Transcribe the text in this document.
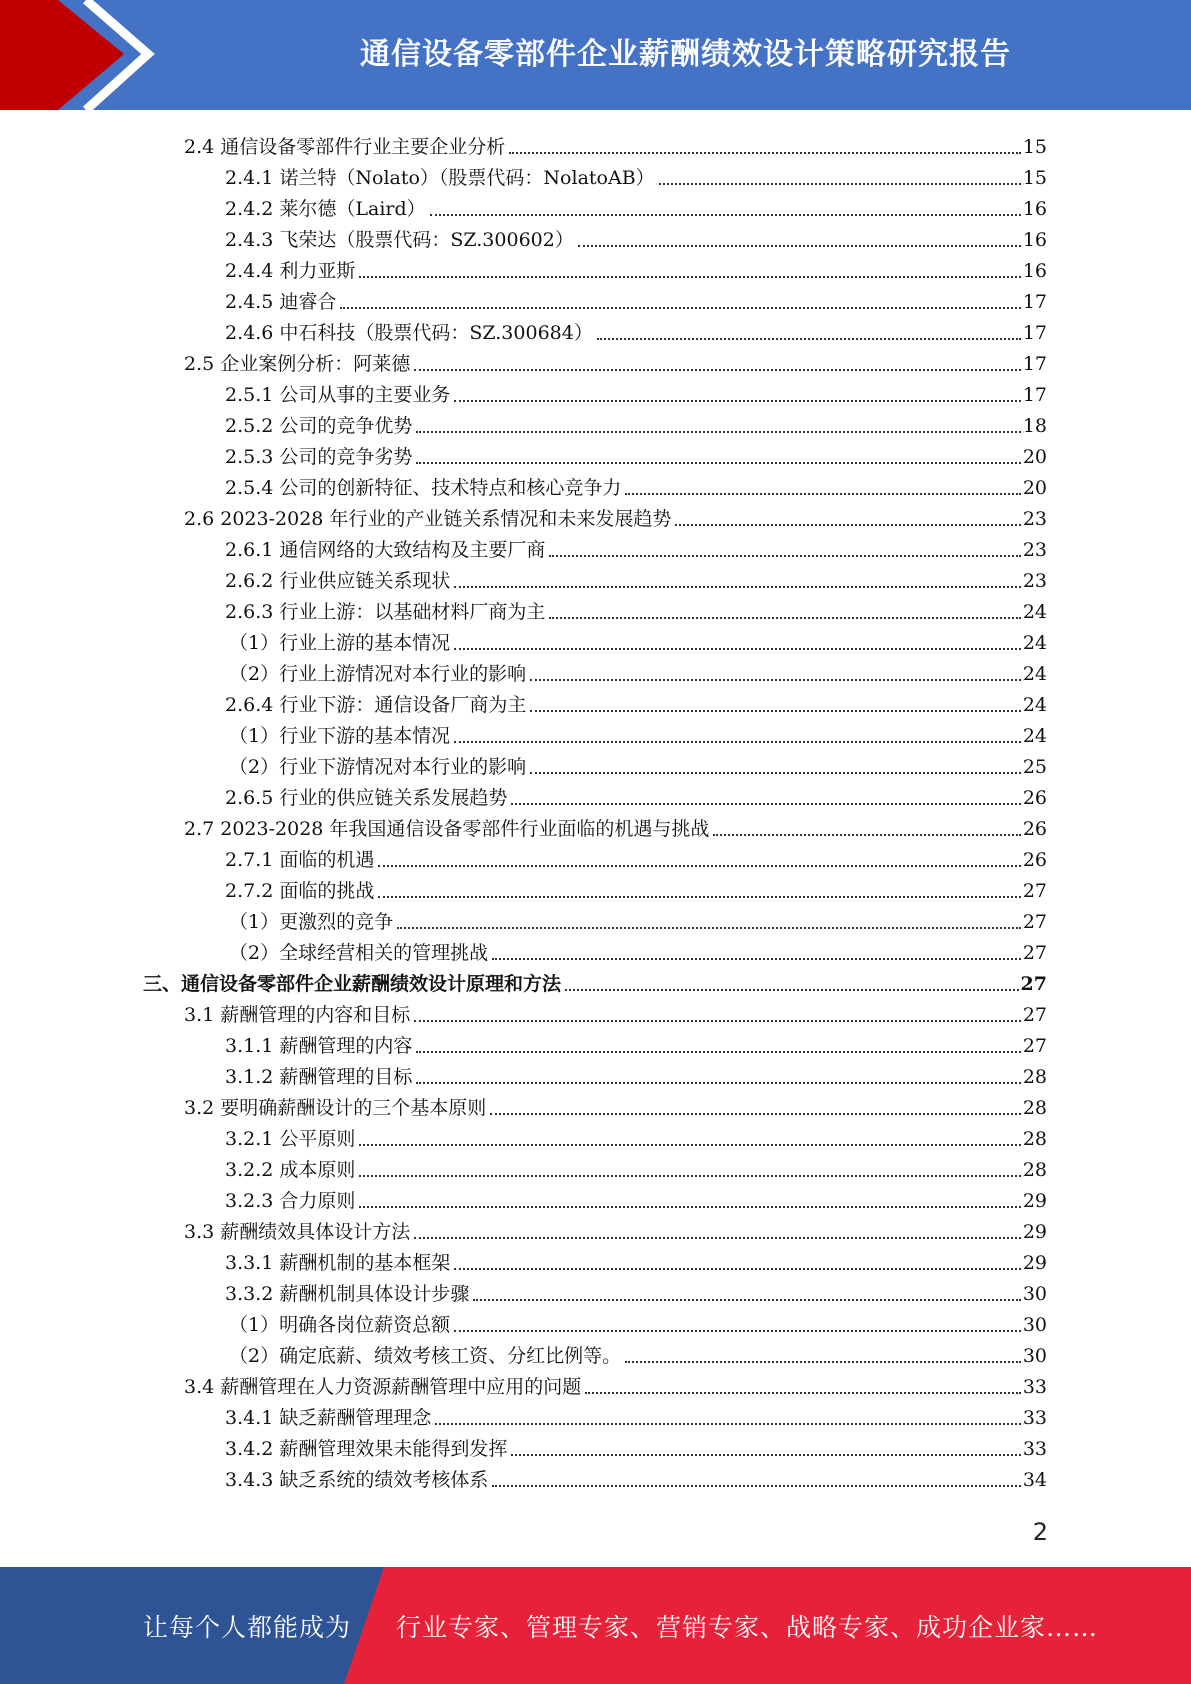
通信设备零部件企业薪酬绩效设计策略研究报告
2.4 通信设备零部件行业主要企业分析	15
2.4.1 诺兰特（Nolato）（股票代码：NolatoAB）	15
2.4.2 莱尔德（Laird）	16
2.4.3 飞荣达（股票代码：SZ.300602）	16
2.4.4 利力亚斯	16
2.4.5 迪睿合	17
2.4.6 中石科技（股票代码：SZ.300684）	17
2.5 企业案例分析：阿莱德	17
2.5.1 公司从事的主要业务	17
2.5.2 公司的竞争优势	18
2.5.3 公司的竞争劣势	20
2.5.4 公司的创新特征、技术特点和核心竞争力	20
2.6 2023-2028 年行业的产业链关系情况和未来发展趋势	23
2.6.1 通信网络的大致结构及主要厂商	23
2.6.2 行业供应链关系现状	23
2.6.3 行业上游：以基础材料厂商为主	24
（1）行业上游的基本情况	24
（2）行业上游情况对本行业的影响	24
2.6.4 行业下游：通信设备厂商为主	24
（1）行业下游的基本情况	24
（2）行业下游情况对本行业的影响	25
2.6.5 行业的供应链关系发展趋势	26
2.7 2023-2028 年我国通信设备零部件行业面临的机遇与挑战	26
2.7.1 面临的机遇	26
2.7.2 面临的挑战	27
（1）更激烈的竞争	27
（2）全球经营相关的管理挑战	27
三、通信设备零部件企业薪酬绩效设计原理和方法	27
3.1 薪酬管理的内容和目标	27
3.1.1 薪酬管理的内容	27
3.1.2 薪酬管理的目标	28
3.2 要明确薪酬设计的三个基本原则	28
3.2.1 公平原则	28
3.2.2 成本原则	28
3.2.3 合力原则	29
3.3 薪酬绩效具体设计方法	29
3.3.1 薪酬机制的基本框架	29
3.3.2 薪酬机制具体设计步骤	30
（1）明确各岗位薪资总额	30
（2）确定底薪、绩效考核工资、分红比例等。	30
3.4 薪酬管理在人力资源薪酬管理中应用的问题	33
3.4.1 缺乏薪酬管理理念	33
3.4.2 薪酬管理效果未能得到发挥	33
3.4.3 缺乏系统的绩效考核体系	34
2
让每个人都能成为 行业专家、管理专家、营销专家、战略专家、成功企业家……
